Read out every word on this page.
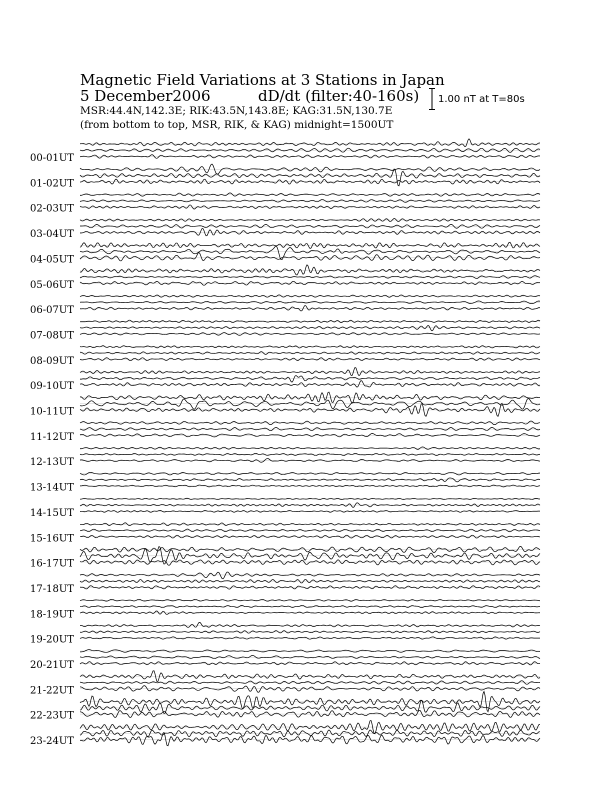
Magnetic Field Variations at 3 Stations in Japan
5 December2006	dD/dt (filter:40-160s)
MSR:44.4N,142.3E; RIK:43.5N,143.8E; KAG:31.5N,130.7E
(from bottom to top, MSR, RIK, & KAG) midnight=1500UT
1.00 nT at T=80s
00-01UT
01-02UT
02-03UT
03-04UT
04-05UT
05-06UT
06-07UT
07-08UT
08-09UT
09-10UT
10-11UT
11-12UT
12-13UT
13-14UT
14-15UT
15-16UT
16-17UT
17-18UT
18-19UT
19-20UT
20-21UT
21-22UT
22-23UT
23-24UT
